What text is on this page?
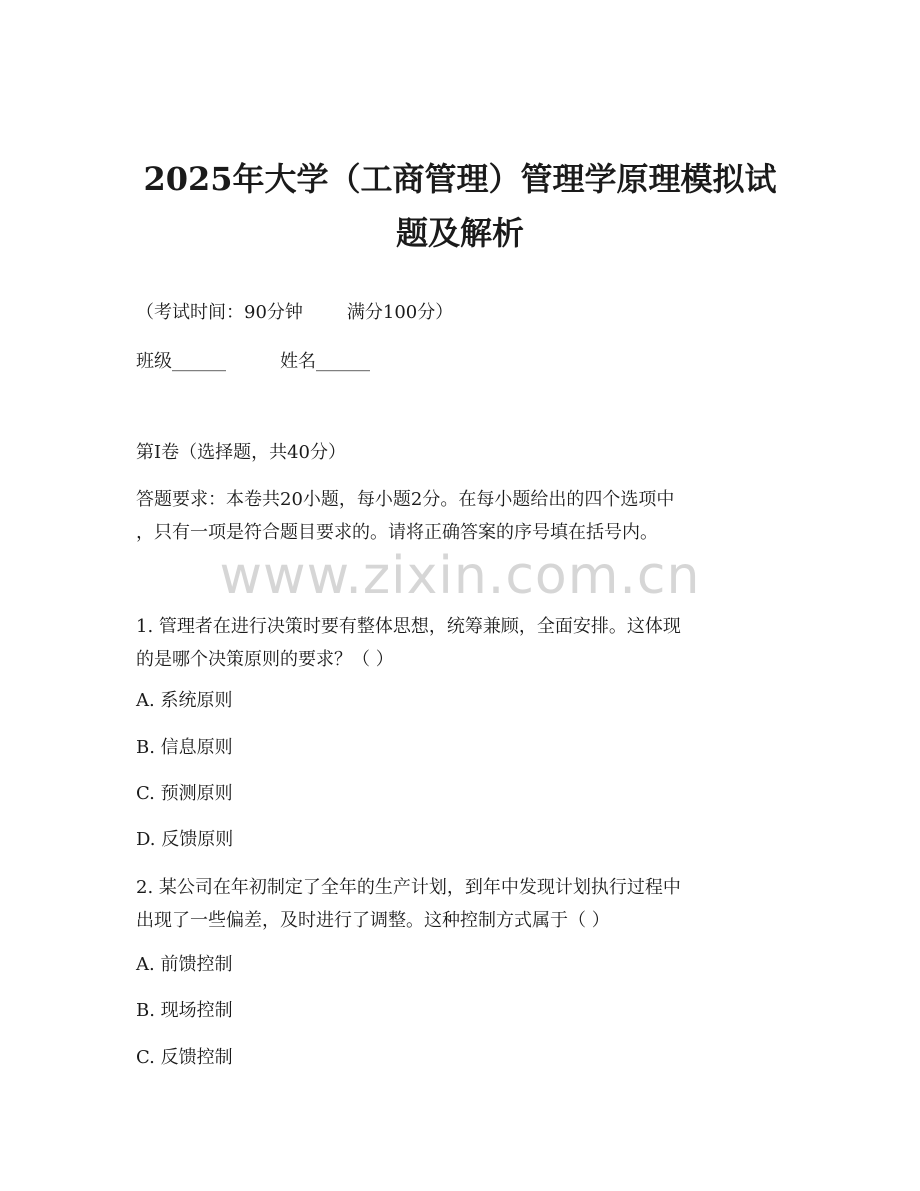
2025年大学（工商管理）管理学原理模拟试
题及解析

（考试时间：90分钟 满分100分）

班级______	姓名______

第I卷（选择题，共40分）

答题要求：本卷共20小题，每小题2分。在每小题给出的四个选项中
，只有一项是符合题目要求的。请将正确答案的序号填在括号内。
www.zixin.com.cn
1. 管理者在进行决策时要有整体思想，统筹兼顾，全面安排。这体现
的是哪个决策原则的要求？（ ）

A. 系统原则

B. 信息原则

C. 预测原则

D. 反馈原则

2. 某公司在年初制定了全年的生产计划，到年中发现计划执行过程中
出现了一些偏差，及时进行了调整。这种控制方式属于（ ）

A. 前馈控制

B. 现场控制

C. 反馈控制
